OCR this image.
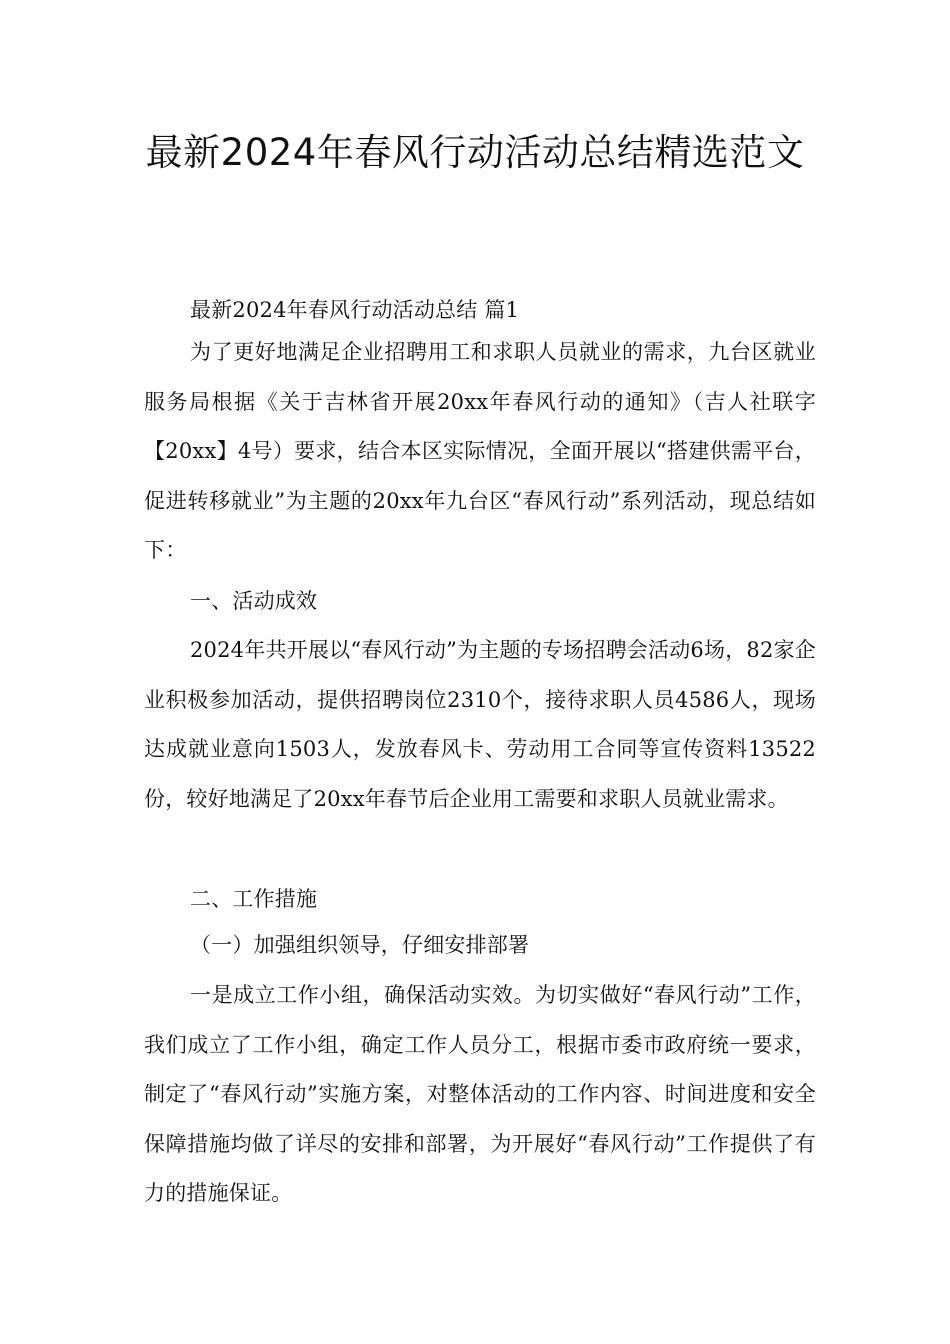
最新2024年春风行动活动总结精选范文

最新2024年春风行动活动总结 篇1

为了更好地满足企业招聘用工和求职人员就业的需求，九台区就业服务局根据《关于吉林省开展20xx年春风行动的通知》（吉人社联字【20xx】4号）要求，结合本区实际情况，全面开展以“搭建供需平台，促进转移就业”为主题的20xx年九台区“春风行动”系列活动，现总结如下：

一、活动成效

2024年共开展以“春风行动”为主题的专场招聘会活动6场，82家企业积极参加活动，提供招聘岗位2310个，接待求职人员4586人，现场达成就业意向1503人，发放春风卡、劳动用工合同等宣传资料13522份，较好地满足了20xx年春节后企业用工需要和求职人员就业需求。

二、工作措施

（一）加强组织领导，仔细安排部署

一是成立工作小组，确保活动实效。为切实做好“春风行动”工作，我们成立了工作小组，确定工作人员分工，根据市委市政府统一要求，制定了“春风行动”实施方案，对整体活动的工作内容、时间进度和安全保障措施均做了详尽的安排和部署，为开展好“春风行动”工作提供了有力的措施保证。
